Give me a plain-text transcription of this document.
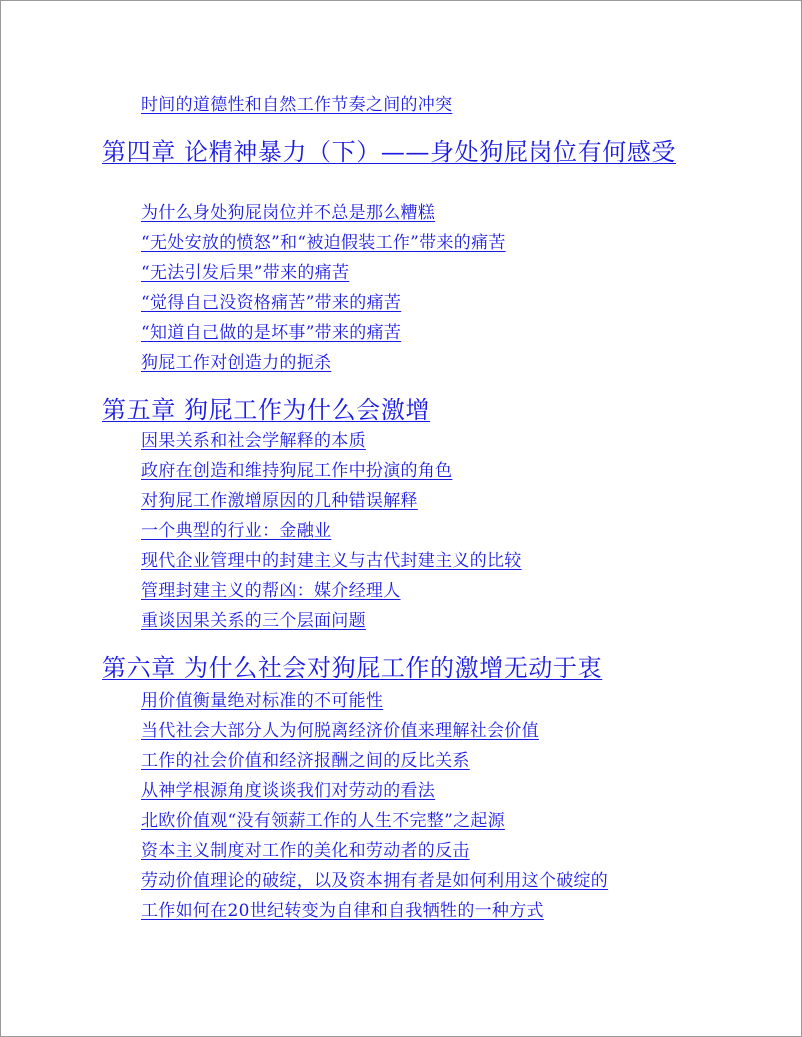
时间的道德性和自然工作节奏之间的冲突
第四章 论精神暴力（下）——身处狗屁岗位有何感受
为什么身处狗屁岗位并不总是那么糟糕
“无处安放的愤怒”和“被迫假装工作”带来的痛苦
“无法引发后果”带来的痛苦
“觉得自己没资格痛苦”带来的痛苦
“知道自己做的是坏事”带来的痛苦
狗屁工作对创造力的扼杀
第五章 狗屁工作为什么会激增
因果关系和社会学解释的本质
政府在创造和维持狗屁工作中扮演的角色
对狗屁工作激增原因的几种错误解释
一个典型的行业：金融业
现代企业管理中的封建主义与古代封建主义的比较
管理封建主义的帮凶：媒介经理人
重谈因果关系的三个层面问题
第六章 为什么社会对狗屁工作的激增无动于衷
用价值衡量绝对标准的不可能性
当代社会大部分人为何脱离经济价值来理解社会价值
工作的社会价值和经济报酬之间的反比关系
从神学根源角度谈谈我们对劳动的看法
北欧价值观“没有领薪工作的人生不完整”之起源
资本主义制度对工作的美化和劳动者的反击
劳动价值理论的破绽，以及资本拥有者是如何利用这个破绽的
工作如何在20世纪转变为自律和自我牺牲的一种方式
